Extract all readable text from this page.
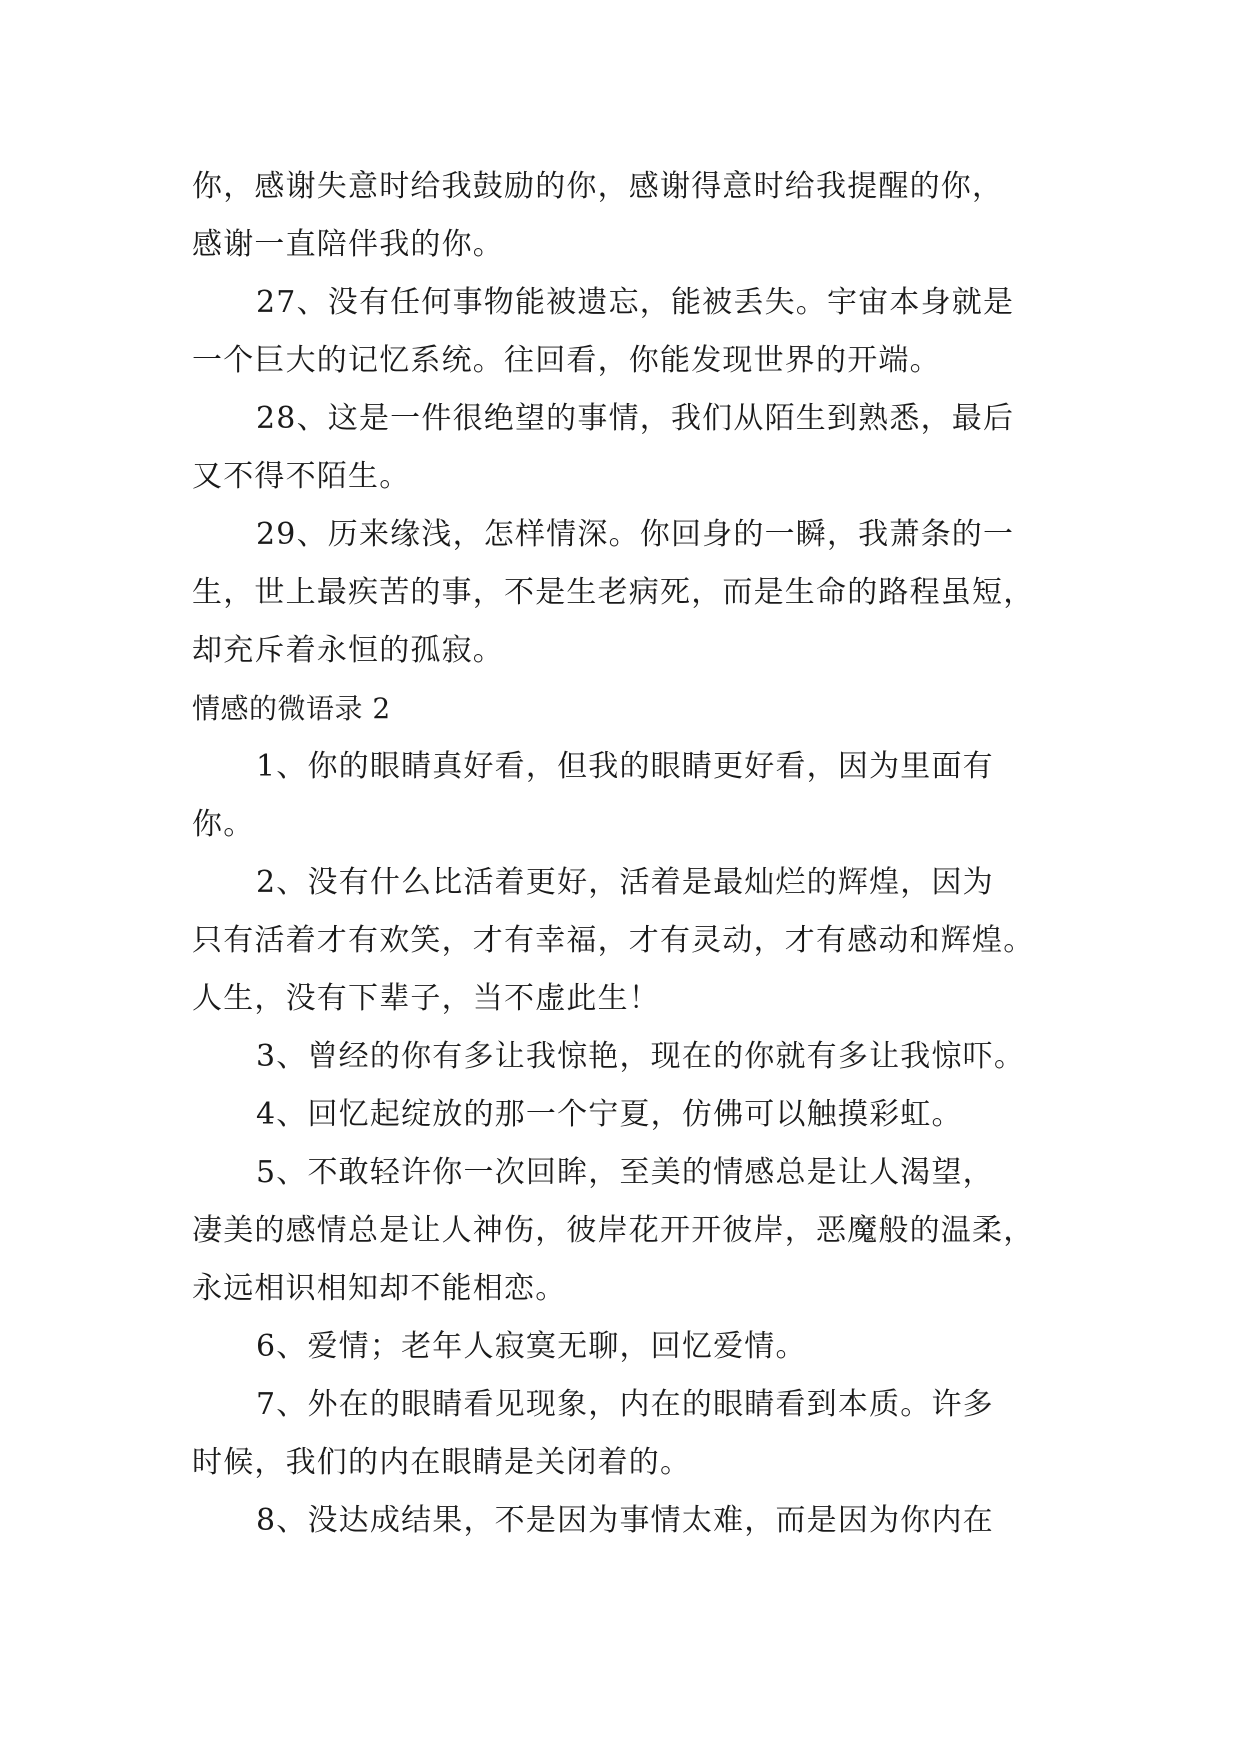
你，感谢失意时给我鼓励的你，感谢得意时给我提醒的你，
感谢一直陪伴我的你。
27、没有任何事物能被遗忘，能被丢失。宇宙本身就是
一个巨大的记忆系统。往回看，你能发现世界的开端。
28、这是一件很绝望的事情，我们从陌生到熟悉，最后
又不得不陌生。
29、历来缘浅，怎样情深。你回身的一瞬，我萧条的一
生，世上最疾苦的事，不是生老病死，而是生命的路程虽短，
却充斥着永恒的孤寂。
情感的微语录 2
1、你的眼睛真好看，但我的眼睛更好看，因为里面有
你。
2、没有什么比活着更好，活着是最灿烂的辉煌，因为
只有活着才有欢笑，才有幸福，才有灵动，才有感动和辉煌。
人生，没有下辈子，当不虚此生！
3、曾经的你有多让我惊艳，现在的你就有多让我惊吓。
4、回忆起绽放的那一个宁夏，仿佛可以触摸彩虹。
5、不敢轻许你一次回眸，至美的情感总是让人渴望，
凄美的感情总是让人神伤，彼岸花开开彼岸，恶魔般的温柔，
永远相识相知却不能相恋。
6、爱情；老年人寂寞无聊，回忆爱情。
7、外在的眼睛看见现象，内在的眼睛看到本质。许多
时候，我们的内在眼睛是关闭着的。
8、没达成结果，不是因为事情太难，而是因为你内在
